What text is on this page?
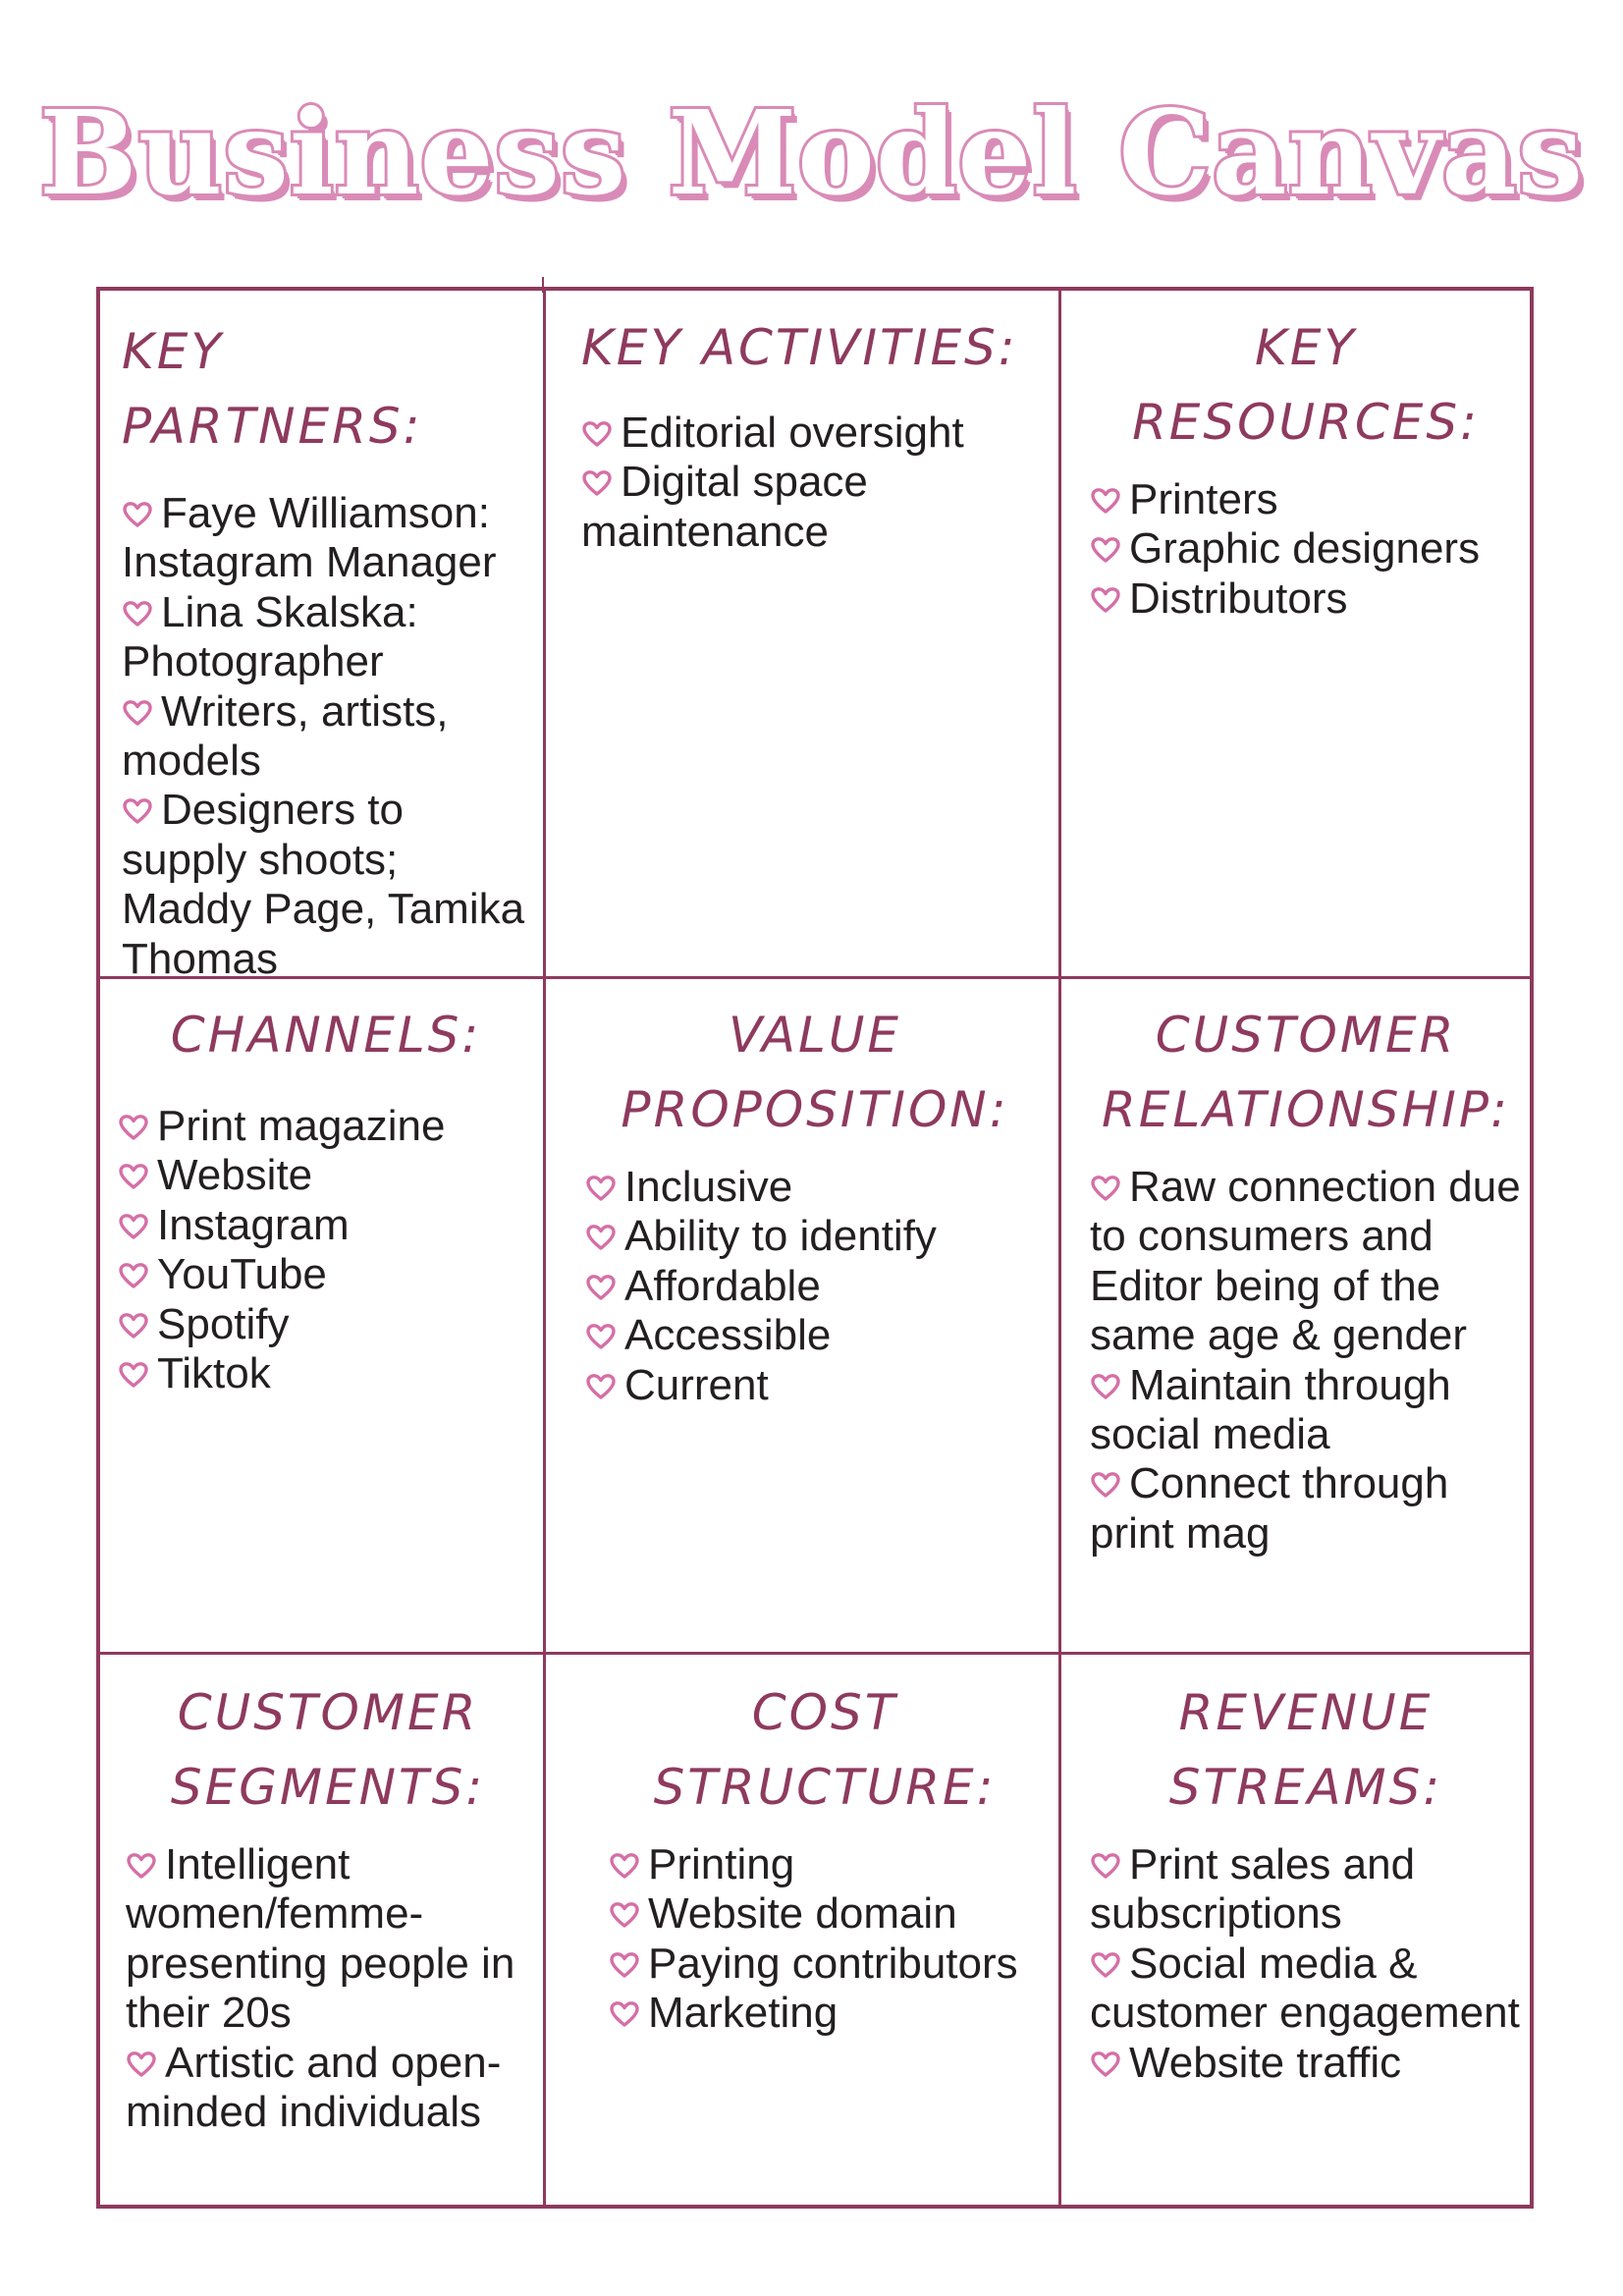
Business Model Canvas
KEY PARTNERS:
Faye Williamson: Instagram Manager
Lina Skalska: Photographer
Writers, artists, models
Designers to supply shoots; Maddy Page, Tamika Thomas
KEY ACTIVITIES:
Editorial oversight
Digital space maintenance
KEY
RESOURCES:
Printers
Graphic designers
Distributors
CHANNELS:
Print magazine
Website
Instagram
YouTube
Spotify
Tiktok
VALUE
PROPOSITION:
Inclusive
Ability to identify
Affordable
Accessible
Current
CUSTOMER
RELATIONSHIP:
Raw connection due to consumers and Editor being of the same age & gender
Maintain through social media
Connect through print mag
CUSTOMER
SEGMENTS:
Intelligent women/femme-presenting people in their 20s
Artistic and open-minded individuals
COST
STRUCTURE:
Printing
Website domain
Paying contributors
Marketing
REVENUE
STREAMS:
Print sales and subscriptions
Social media & customer engagement
Website traffic
